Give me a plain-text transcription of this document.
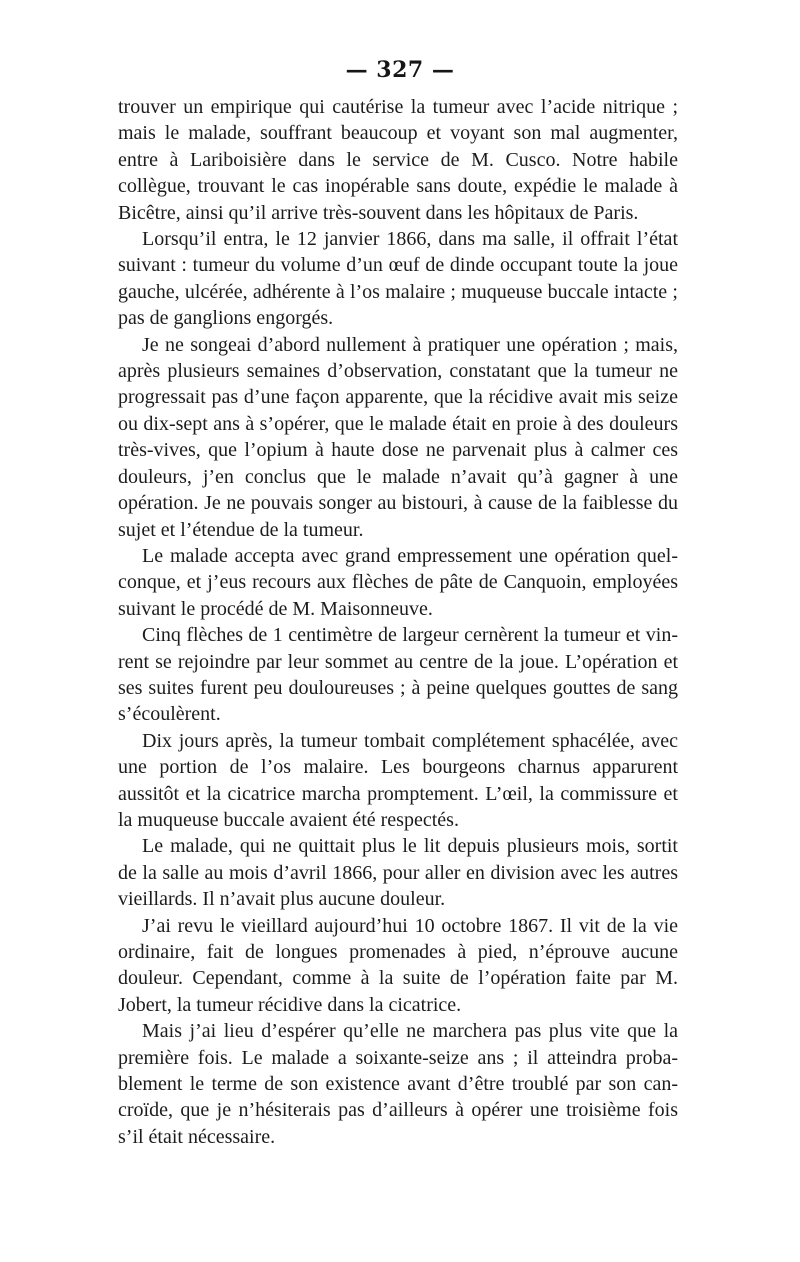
— 327 —

trouver un empirique qui cautérise la tumeur avec l’acide nitrique ; mais le malade, souffrant beaucoup et voyant son mal augmenter, entre à Lariboisière dans le service de M. Cusco. Notre habile collègue, trouvant le cas inopérable sans doute, expédie le malade à Bicêtre, ainsi qu’il arrive très-souvent dans les hôpitaux de Paris.

Lorsqu’il entra, le 12 janvier 1866, dans ma salle, il offrait l’état suivant : tumeur du volume d’un œuf de dinde occupant toute la joue gauche, ulcérée, adhérente à l’os malaire ; muqueuse buccale intacte ; pas de ganglions engorgés.

Je ne songeai d’abord nullement à pratiquer une opération ; mais, après plusieurs semaines d’observation, constatant que la tumeur ne progressait pas d’une façon apparente, que la récidive avait mis seize ou dix-sept ans à s’opérer, que le malade était en proie à des douleurs très-vives, que l’opium à haute dose ne parvenait plus à calmer ces douleurs, j’en conclus que le malade n’avait qu’à gagner à une opération. Je ne pouvais songer au bistouri, à cause de la faiblesse du sujet et l’étendue de la tumeur.

Le malade accepta avec grand empressement une opération quelconque, et j’eus recours aux flèches de pâte de Canquoin, employées suivant le procédé de M. Maisonneuve.

Cinq flèches de 1 centimètre de largeur cernèrent la tumeur et vinrent se rejoindre par leur sommet au centre de la joue. L’opération et ses suites furent peu douloureuses ; à peine quelques gouttes de sang s’écoulèrent.

Dix jours après, la tumeur tombait complétement sphacélée, avec une portion de l’os malaire. Les bourgeons charnus apparurent aussitôt et la cicatrice marcha promptement. L’œil, la commissure et la muqueuse buccale avaient été respectés.

Le malade, qui ne quittait plus le lit depuis plusieurs mois, sortit de la salle au mois d’avril 1866, pour aller en division avec les autres vieillards. Il n’avait plus aucune douleur.

J’ai revu le vieillard aujourd’hui 10 octobre 1867. Il vit de la vie ordinaire, fait de longues promenades à pied, n’éprouve aucune douleur. Cependant, comme à la suite de l’opération faite par M. Jobert, la tumeur récidive dans la cicatrice.

Mais j’ai lieu d’espérer qu’elle ne marchera pas plus vite que la première fois. Le malade a soixante-seize ans ; il atteindra probablement le terme de son existence avant d’être troublé par son cancroïde, que je n’hésiterais pas d’ailleurs à opérer une troisième fois s’il était nécessaire.
